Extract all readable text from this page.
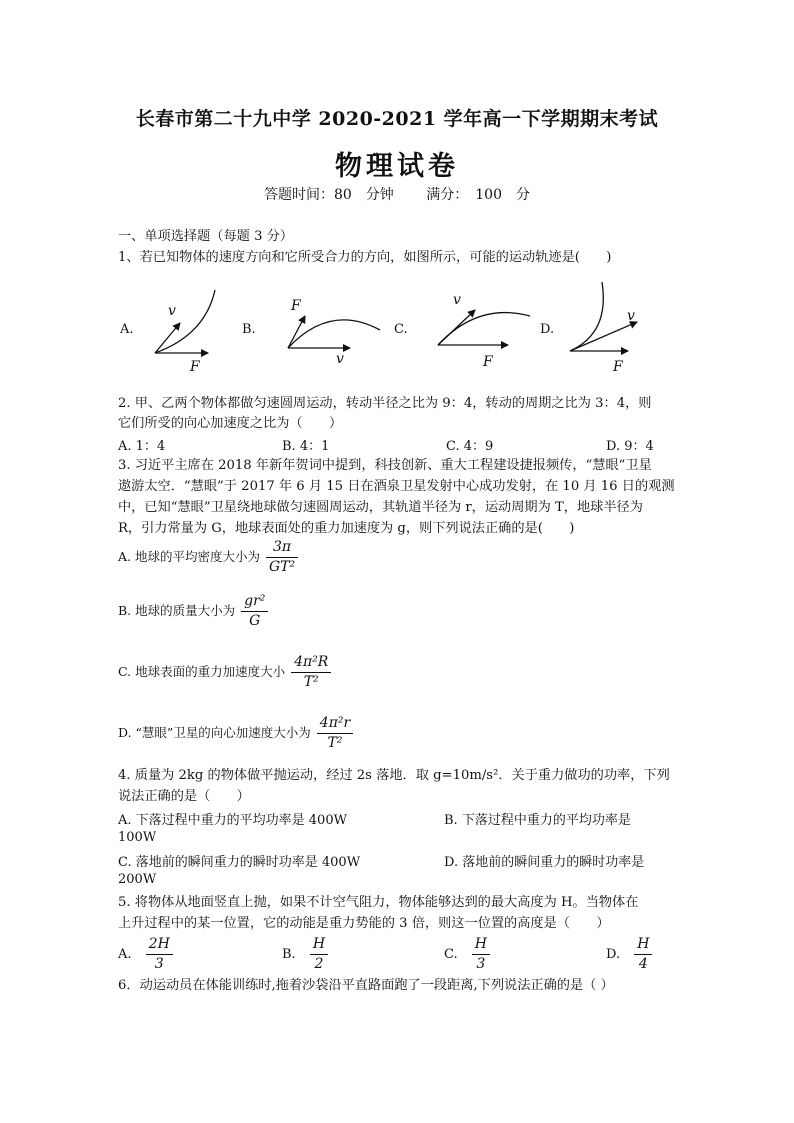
长春市第二十九中学 2020-2021 学年高一下学期期末考试
物理试卷
答题时间：80　分钟 满分：　100　分
一、单项选择题（每题 3 分）
1、若已知物体的速度方向和它所受合力的方向，如图所示，可能的运动轨迹是(　　)
A.	B.	C.	D.
v
F
F
v
v
F
v
F
2. 甲、乙两个物体都做匀速圆周运动，转动半径之比为 9：4，转动的周期之比为 3：4，则
它们所受的向心加速度之比为（　　）
A. 1：4	B. 4：1	C. 4：9	D. 9：4
3. 习近平主席在 2018 年新年贺词中提到，科技创新、重大工程建设捷报频传，“慧眼”卫星
遨游太空．“慧眼”于 2017 年 6 月 15 日在酒泉卫星发射中心成功发射，在 10 月 16 日的观测
中，已知“慧眼”卫星绕地球做匀速圆周运动，其轨道半径为 r，运动周期为 T，地球半径为
R，引力常量为 G，地球表面处的重力加速度为 g，则下列说法正确的是(　　)
A. 地球的平均密度大小为 $\frac{3\pi}{\text{GT²}}$
B. 地球的质量大小为 $\frac{\text{gr²}}{G}$
C. 地球表面的重力加速度大小 $\frac{\text{4π²R}}{\text{T²}}$
D. “慧眼”卫星的向心加速度大小为 $\frac{\text{4π²r}}{\text{T²}}$
4. 质量为 2kg 的物体做平抛运动，经过 2s 落地．取 g=10m/s²．关于重力做功的功率，下列
说法正确的是（　　）
A. 下落过程中重力的平均功率是 400W	B. 下落过程中重力的平均功率是
100W
C. 落地前的瞬间重力的瞬时功率是 400W	D. 落地前的瞬间重力的瞬时功率是
200W
5. 将物体从地面竖直上抛，如果不计空气阻力，物体能够达到的最大高度为 H。当物体在
上升过程中的某一位置，它的动能是重力势能的 3 倍，则这一位置的高度是（　　）
A. $\frac{2H}{3}$	B. $\frac{H}{2}$	C. $\frac{H}{3}$	D. $\frac{H}{4}$
6．动运动员在体能训练时,拖着沙袋沿平直路面跑了一段距离,下列说法正确的是（ ）
